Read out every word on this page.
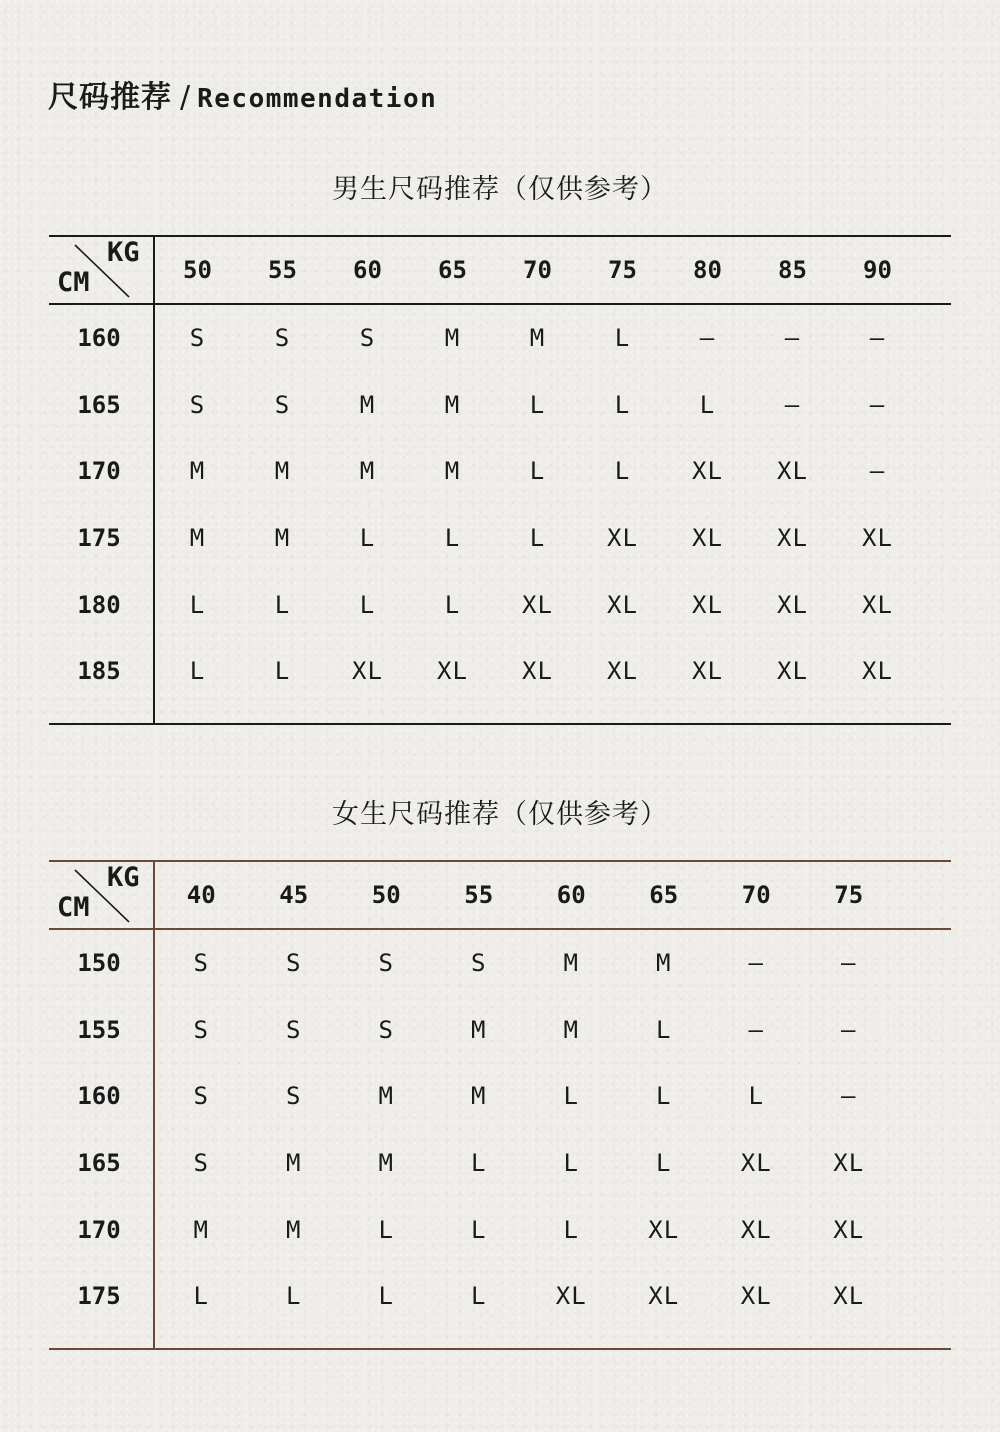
尺码推荐 / Recommendation
男生尺码推荐（仅供参考）
KG
CM	50	55	60	65	70	75	80	85	90
160	S	S	S	M	M	L	—	—	—
165	S	S	M	M	L	L	L	—	—
170	M	M	M	M	L	L	XL	XL	—
175	M	M	L	L	L	XL	XL	XL	XL
180	L	L	L	L	XL	XL	XL	XL	XL
185	L	L	XL	XL	XL	XL	XL	XL	XL
女生尺码推荐（仅供参考）
KG
CM	40	45	50	55	60	65	70	75
150	S	S	S	S	M	M	—	—
155	S	S	S	M	M	L	—	—
160	S	S	M	M	L	L	L	—
165	S	M	M	L	L	L	XL	XL
170	M	M	L	L	L	XL	XL	XL
175	L	L	L	L	XL	XL	XL	XL
